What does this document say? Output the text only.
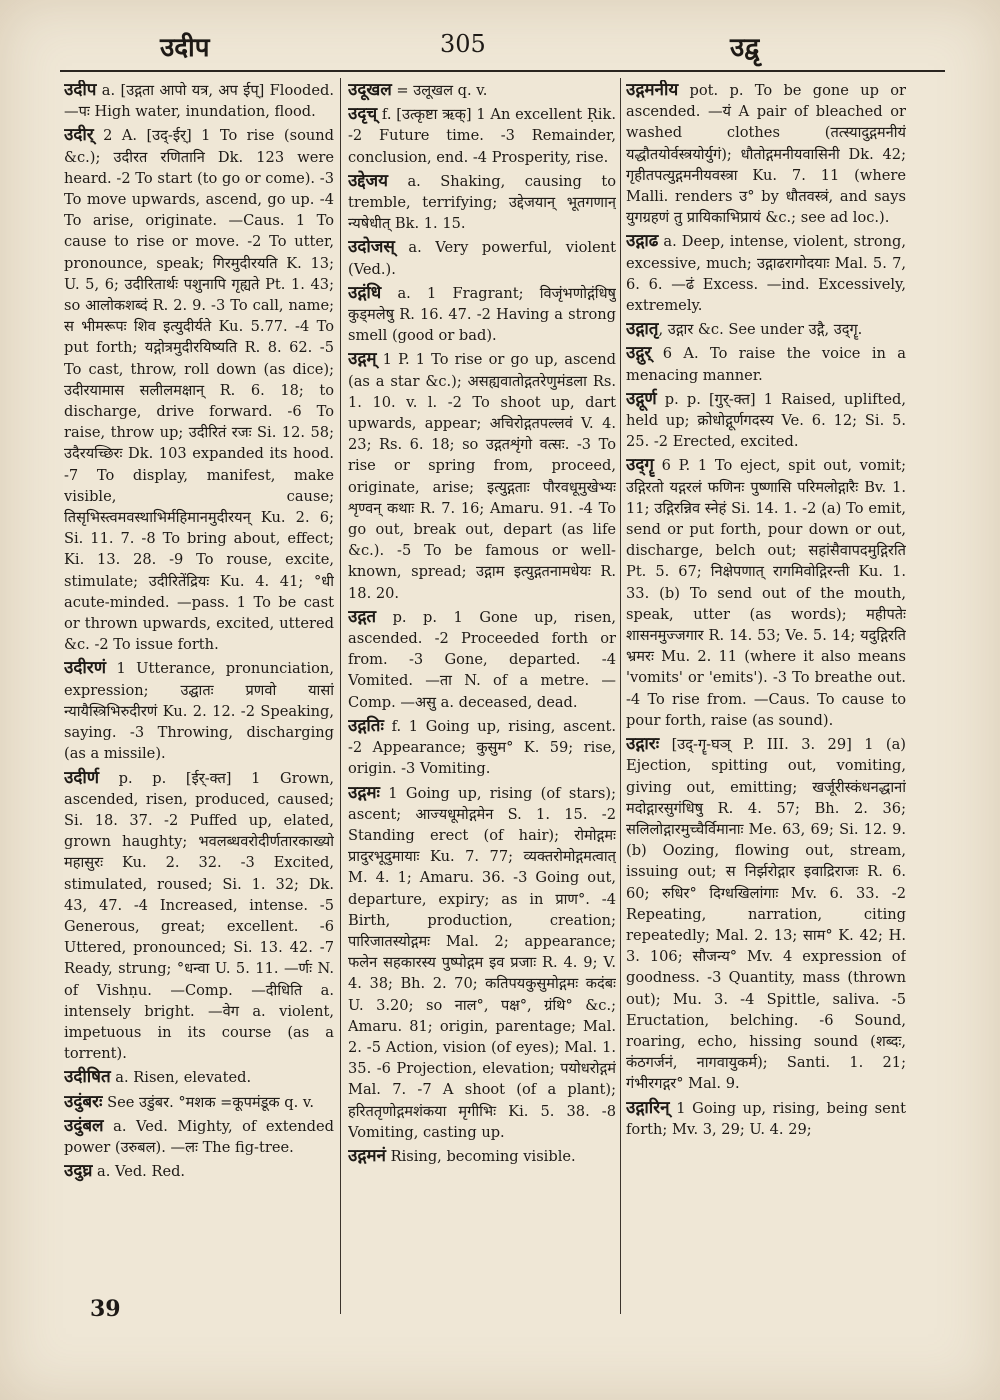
उदीप	305	उद्वृ

उदीप a. [उद्गता आपो यत्र, अप ईप्] Flooded. —पः High water, inundation, flood.

उदीर् 2 A. [उद्-ईर्] 1 To rise (sound &c.); उदीरत रणितानि Dk. 123 were heard. -2 To start (to go or come). -3 To move upwards, ascend, go up. -4 To arise, originate. —Caus. 1 To cause to rise or move. -2 To utter, pronounce, speak; गिरमुदीरयति K. 13; U. 5, 6; उदीरितार्थः पशुनापि गृह्यते Pt. 1. 43; so आलोकशब्दं R. 2. 9. -3 To call, name; स भीमरूपः शिव इत्युदीर्यते Ku. 5.77. -4 To put forth; यद्गोत्रमुदीरयिष्यति R. 8. 62. -5 To cast, throw, roll down (as dice); उदीरयामास सलीलमक्षान् R. 6. 18; to discharge, drive forward. -6 To raise, throw up; उदीरितं रजः Si. 12. 58; उदैरयच्छिरः Dk. 103 expanded its hood. -7 To display, manifest, make visible, cause; तिसृभिस्त्वमवस्थाभिर्महिमानमुदीरयन् Ku. 2. 6; Si. 11. 7. -8 To bring about, effect; Ki. 13. 28. -9 To rouse, excite, stimulate; उदीरितेंद्रियः Ku. 4. 41; °धी acute-minded. —pass. 1 To be cast or thrown upwards, excited, uttered &c. -2 To issue forth.

उदीरणं 1 Utterance, pronunciation, expression; उद्घातः प्रणवो यासां न्यायैस्त्रिभिरुदीरणं Ku. 2. 12. -2 Speaking, saying. -3 Throwing, discharging (as a missile).

उदीर्ण p. p. [ईर्-क्त] 1 Grown, ascended, risen, produced, caused; Si. 18. 37. -2 Puffed up, elated, grown haughty; भवलब्धवरोदीर्णतारकाख्यो महासुरः Ku. 2. 32. -3 Excited, stimulated, roused; Si. 1. 32; Dk. 43, 47. -4 Increased, intense. -5 Generous, great; excellent. -6 Uttered, pronounced; Si. 13. 42. -7 Ready, strung; °धन्वा U. 5. 11. —र्णः N. of Vishṇu. —Comp. —दीधिति a. intensely bright. —वेग a. violent, impetuous in its course (as a torrent).

उदीषित a. Risen, elevated.

उदुंबरः See उडुंबर. °मशक =कूपमंडूक q. v.

उदुंबल a. Ved. Mighty, of extended power (उरुबल). —लः The fig-tree.

उदुघ्र a. Ved. Red.

उदूखल = उलूखल q. v.

उदृच् f. [उत्कृष्टा ऋक्] 1 An excellent Ṛik. -2 Future time. -3 Remainder, conclusion, end. -4 Prosperity, rise.

उद्देजय a. Shaking, causing to tremble, terrifying; उद्देजयान् भूतगणान् न्यषेधीत् Bk. 1. 15.

उदोजस् a. Very powerful, violent (Ved.).

उद्गंधि a. 1 Fragrant; विजृंभणोद्गंधिषु कुड्मलेषु R. 16. 47. -2 Having a strong smell (good or bad).

उद्गम् 1 P. 1 To rise or go up, ascend (as a star &c.); असह्यवातोद्गतरेणुमंडला Rs. 1. 10. v. l. -2 To shoot up, dart upwards, appear; अचिरोद्गतपल्लवं V. 4. 23; Rs. 6. 18; so उद्गतशृंगो वत्सः. -3 To rise or spring from, proceed, originate, arise; इत्युद्गताः पौरवधूमुखेभ्यः शृण्वन् कथाः R. 7. 16; Amaru. 91. -4 To go out, break out, depart (as life &c.). -5 To be famous or well-known, spread; उद्गाम इत्युद्गतनामधेयः R. 18. 20.

उद्गत p. p. 1 Gone up, risen, ascended. -2 Proceeded forth or from. -3 Gone, departed. -4 Vomited. —ता N. of a metre. —Comp. —असु a. deceased, dead.

उद्गतिः f. 1 Going up, rising, ascent. -2 Appearance; कुसुम° K. 59; rise, origin. -3 Vomiting.

उद्गमः 1 Going up, rising (of stars); ascent; आज्यधूमोद्गमेन S. 1. 15. -2 Standing erect (of hair); रोमोद्गमः प्रादुरभूदुमायाः Ku. 7. 77; व्यक्तरोमोद्गमत्वात् M. 4. 1; Amaru. 36. -3 Going out, departure, expiry; as in प्राण°. -4 Birth, production, creation; पारिजातस्योद्गमः Mal. 2; appearance; फलेन सहकारस्य पुष्पोद्गम इव प्रजाः R. 4. 9; V. 4. 38; Bh. 2. 70; कतिपयकुसुमोद्गमः कदंबः U. 3.20; so नाल°, पक्ष°, ग्रंथि° &c.; Amaru. 81; origin, parentage; Mal. 2. -5 Action, vision (of eyes); Mal. 1. 35. -6 Projection, elevation; पयोधरोद्गमं Mal. 7. -7 A shoot (of a plant); हरिततृणोद्गमशंकया मृगीभिः Ki. 5. 38. -8 Vomiting, casting up.

उद्गमनं Rising, becoming visible.

उद्गमनीय pot. p. To be gone up or ascended. —यं A pair of bleached or washed clothes (तत्स्यादुद्गमनीयं यद्धौतयोर्वस्त्रयोर्युगं); धौतोद्गमनीयवासिनी Dk. 42; गृहीतपत्युद्गमनीयवस्त्रा Ku. 7. 11 (where Malli. renders उ° by धौतवस्त्रं, and says युगग्रहणं तु प्रायिकाभिप्रायं &c.; see ad loc.).

उद्गाढ a. Deep, intense, violent, strong, excessive, much; उद्गाढरागोदयाः Mal. 5. 7, 6. 6. —ढं Excess. —ind. Excessively, extremely.

उद्गातृ, उद्गार &c. See under उद्गै, उद्गॄ.

उद्गुर् 6 A. To raise the voice in a menacing manner.

उद्गूर्ण p. p. [गुर्-क्त] 1 Raised, uplifted, held up; क्रोधोद्गूर्णगदस्य Ve. 6. 12; Si. 5. 25. -2 Erected, excited.

उद्गॄ 6 P. 1 To eject, spit out, vomit; उद्गिरतो यद्गरलं फणिनः पुष्णासि परिमलोद्गारैः Bv. 1. 11; उद्गिरन्निव स्नेहं Si. 14. 1. -2 (a) To emit, send or put forth, pour down or out, discharge, belch out; सहांसैवापदमुद्गिरति Pt. 5. 67; निक्षेपणात् रागमिवोद्गिरन्ती Ku. 1. 33. (b) To send out of the mouth, speak, utter (as words); महीपतेः शासनमुज्जगार R. 14. 53; Ve. 5. 14; यदुद्गिरति भ्रमरः Mu. 2. 11 (where it also means 'vomits' or 'emits'). -3 To breathe out. -4 To rise from. —Caus. To cause to pour forth, raise (as sound).

उद्गारः [उद्-गॄ-घञ् P. III. 3. 29] 1 (a) Ejection, spitting out, vomiting, giving out, emitting; खर्जूरीस्कंधनद्धानां मदोद्गारसुगंधिषु R. 4. 57; Bh. 2. 36; सलिलोद्गारमुच्चैर्विमानाः Me. 63, 69; Si. 12. 9. (b) Oozing, flowing out, stream, issuing out; स निर्झरोद्गार इवाद्रिराजः R. 6. 60; रुधिर° दिग्धखिलांगाः Mv. 6. 33. -2 Repeating, narration, citing repeatedly; Mal. 2. 13; साम° K. 42; H. 3. 106; सौजन्य° Mv. 4 expression of goodness. -3 Quantity, mass (thrown out); Mu. 3. -4 Spittle, saliva. -5 Eructation, belching. -6 Sound, roaring, echo, hissing sound (शब्दः, कंठगर्जनं, नागवायुकर्म); Santi. 1. 21; गंभीरगद्गर° Mal. 9.

उद्गारिन् 1 Going up, rising, being sent forth; Mv. 3, 29; U. 4. 29;

39
